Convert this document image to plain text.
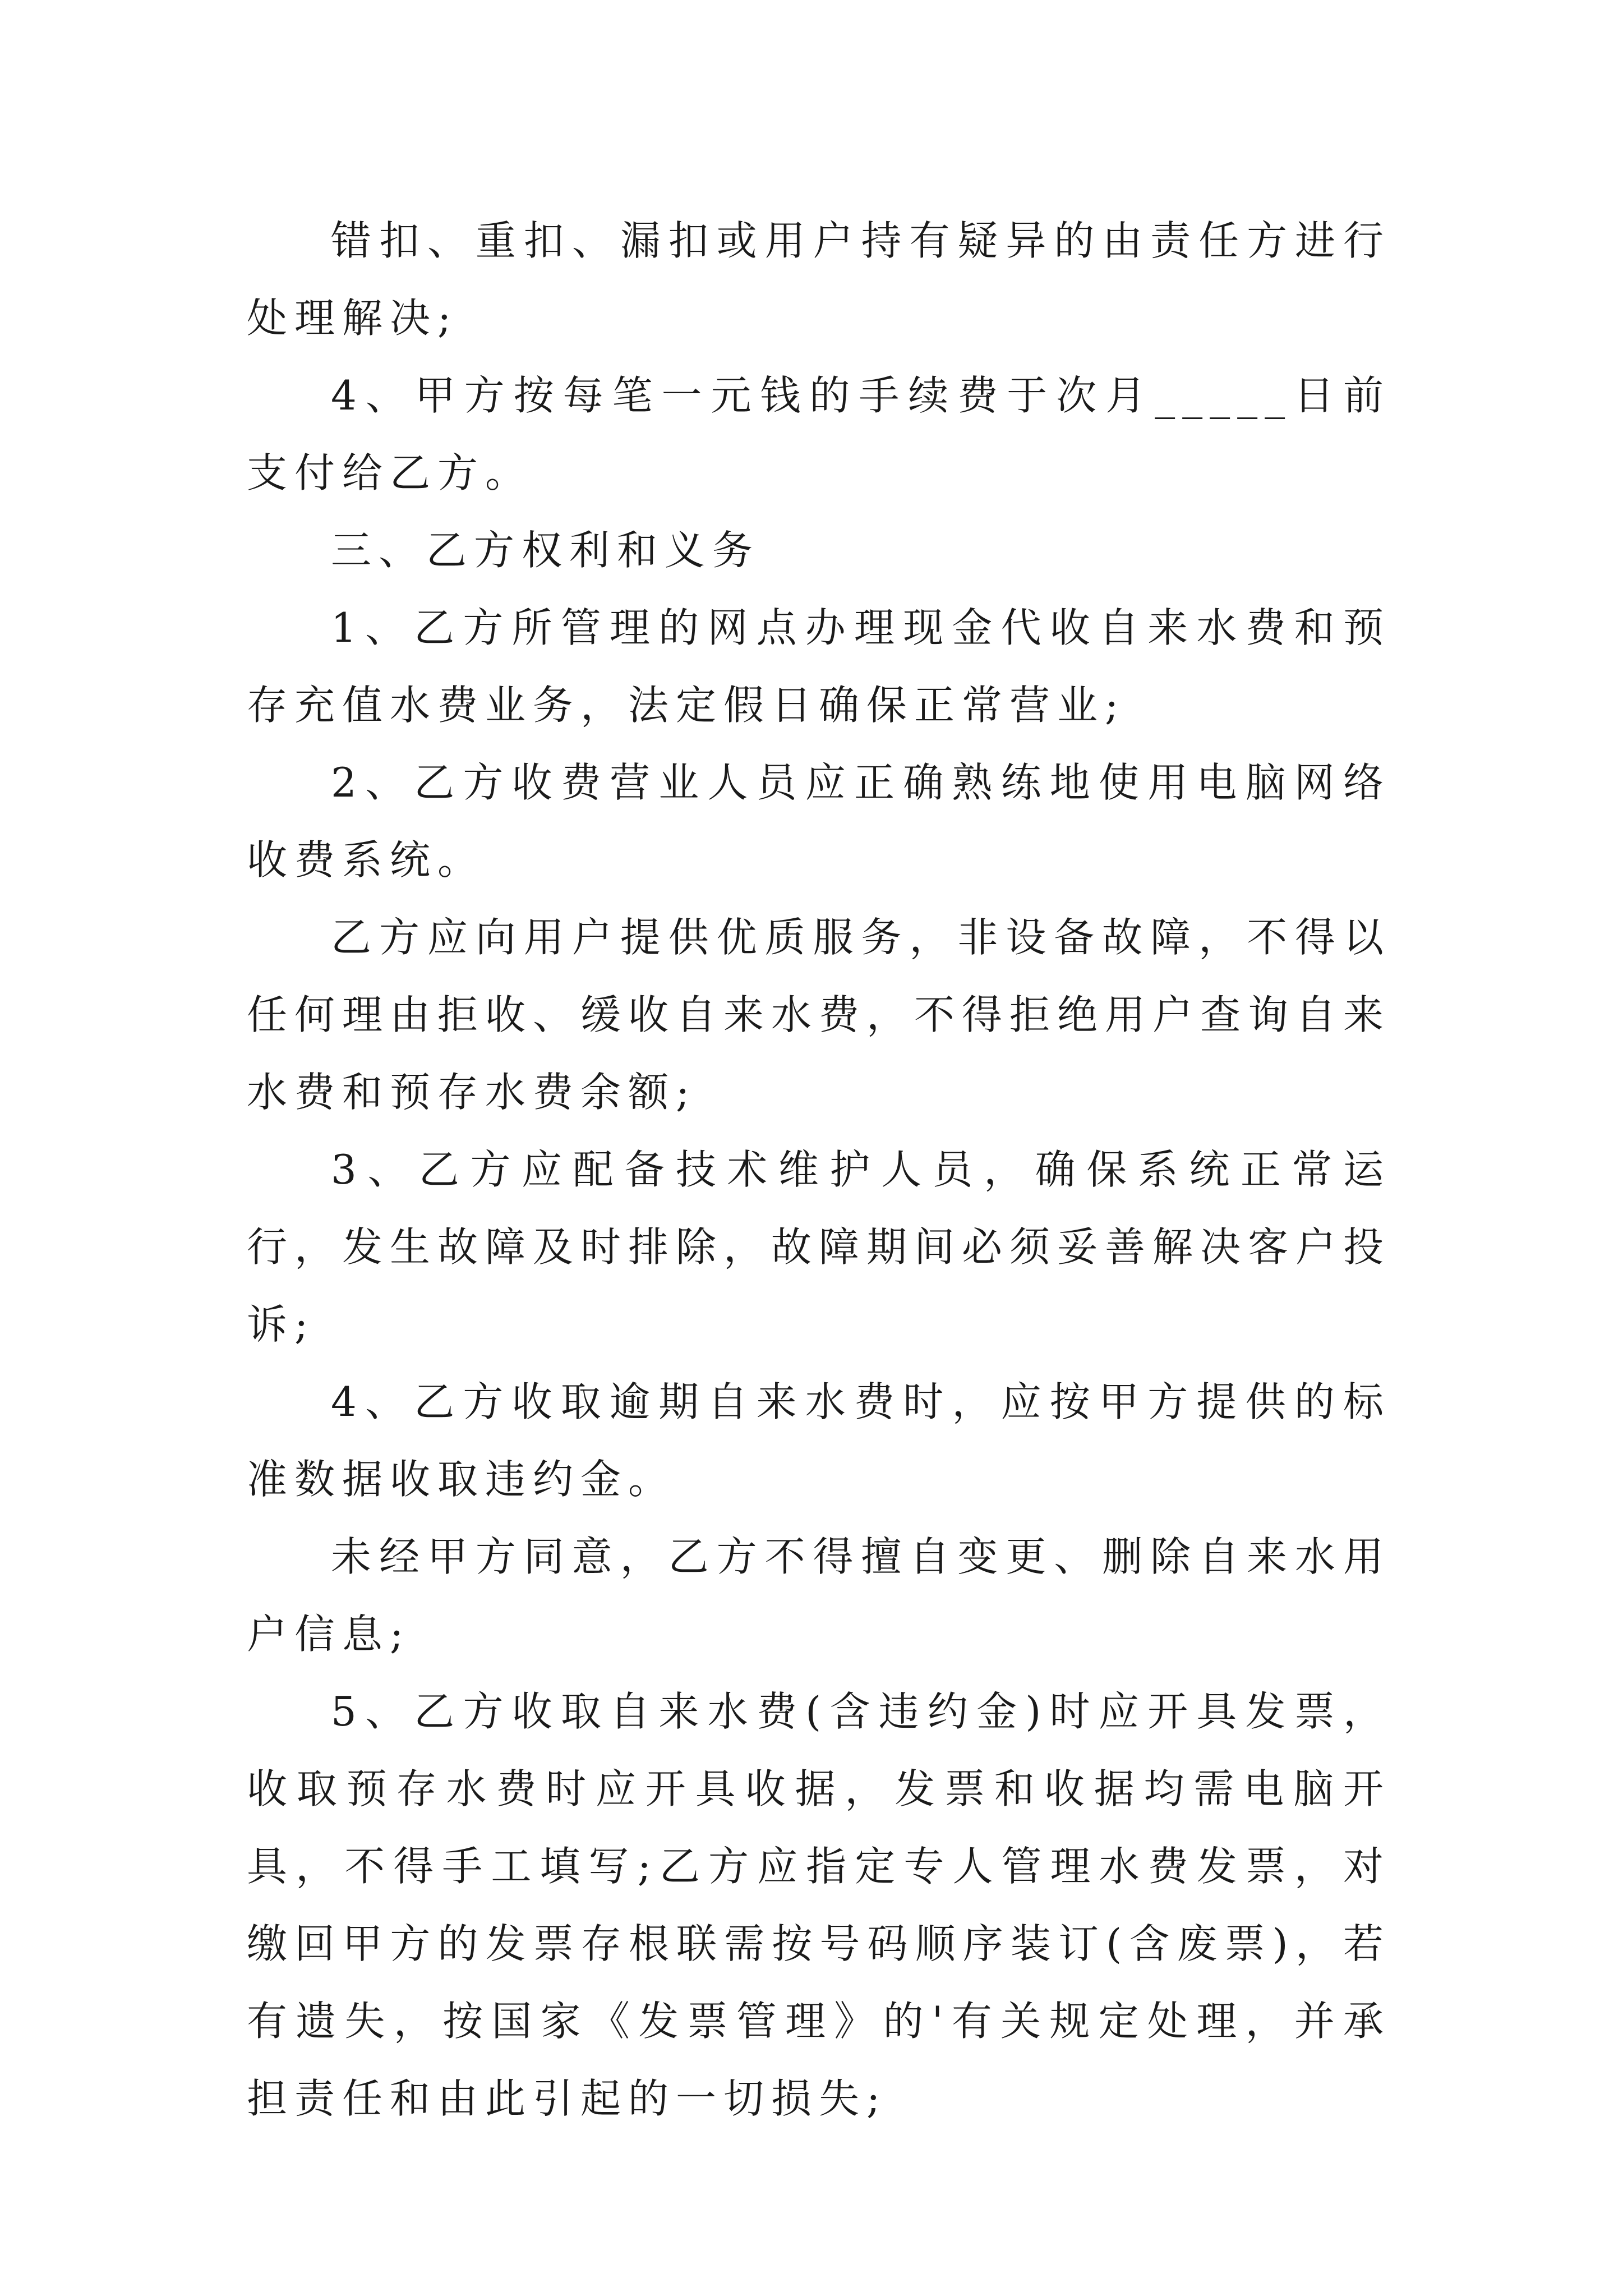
错扣、重扣、漏扣或用户持有疑异的由责任方进行处理解决;

4、甲方按每笔一元钱的手续费于次月_____日前支付给乙方。

三、乙方权利和义务

1、乙方所管理的网点办理现金代收自来水费和预存充值水费业务，法定假日确保正常营业;

2、乙方收费营业人员应正确熟练地使用电脑网络收费系统。

乙方应向用户提供优质服务，非设备故障，不得以任何理由拒收、缓收自来水费，不得拒绝用户查询自来水费和预存水费余额;

3、乙方应配备技术维护人员，确保系统正常运行，发生故障及时排除，故障期间必须妥善解决客户投诉;

4、乙方收取逾期自来水费时，应按甲方提供的标准数据收取违约金。

未经甲方同意，乙方不得擅自变更、删除自来水用户信息;

5、乙方收取自来水费(含违约金)时应开具发票，收取预存水费时应开具收据，发票和收据均需电脑开具，不得手工填写;乙方应指定专人管理水费发票，对缴回甲方的发票存根联需按号码顺序装订(含废票)，若有遗失，按国家《发票管理》的'有关规定处理，并承担责任和由此引起的一切损失;
